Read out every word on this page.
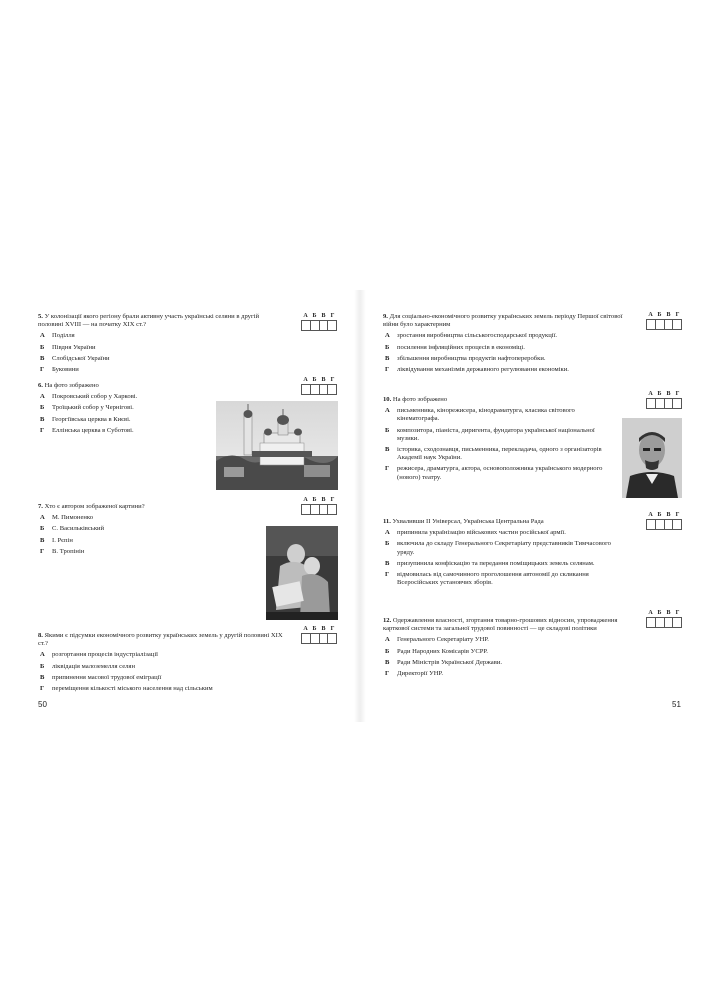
5. У колонізації якого регіону брали активну участь українські селяни в другій половині XVIII — на початку XIX ст.?
А	Поділля
Б	Півдня України
В	Слобідської України
Г	Буковини
А Б В Г
6. На фото зображено
А	Покровський собор у Харкові.
Б	Троїцький собор у Чернігові.
В	Георгіївська церква в Києві.
Г	Еллінська церква в Суботові.
А Б В Г
7. Хто є автором зображеної картини?
А	М. Пимоненко
Б	С. Васильківський
В	І. Рєпін
Г	В. Тропінін
А Б В Г
8. Якими є підсумки економічного розвитку українських земель у другій половині XIX ст.?
А	розгортання процесів індустріалізації
Б	ліквідація малоземелля селян
В	припинення масової трудової еміграції
Г	переміщення кількості міського населення над сільським
А Б В Г
50
9. Для соціально-економічного розвитку українських земель періоду Першої світової війни було характерним
А	зростання виробництва сільськогосподарської продукції.
Б	посилення інфляційних процесів в економіці.
В	збільшення виробництва продуктів нафтопереробки.
Г	ліквідування механізмів державного регулювання економіки.
А Б В Г
10. На фото зображено
А	письменника, кінорежисера, кінодраматурга, класика світового кінематографа.
Б	композитора, піаніста, диригента, фундатора української національної музики.
В	історика, сходознавця, письменника, перекладача, одного з організаторів Академії наук України.
Г	режисера, драматурга, актора, основоположника українського модерного (нового) театру.
А Б В Г
11. Ухваливши ІІ Універсал, Українська Центральна Рада
А	припинила українізацію військових частин російської армії.
Б	включила до складу Генерального Секретаріату представників Тимчасового уряду.
В	призупинила конфіскацію та передання поміщицьких земель селянам.
Г	відмовилась від самочинного проголошення автономії до скликання Всеросійських установчих зборів.
А Б В Г
12. Одержавлення власності, згортання товарно-грошових відносин, упровадження карткової системи та загальної трудової повинності — це складові політики
А	Генерального Секретаріату УНР.
Б	Ради Народних Комісарів УСРР.
В	Ради Міністрів Української Держави.
Г	Директорії УНР.
А Б В Г
51
